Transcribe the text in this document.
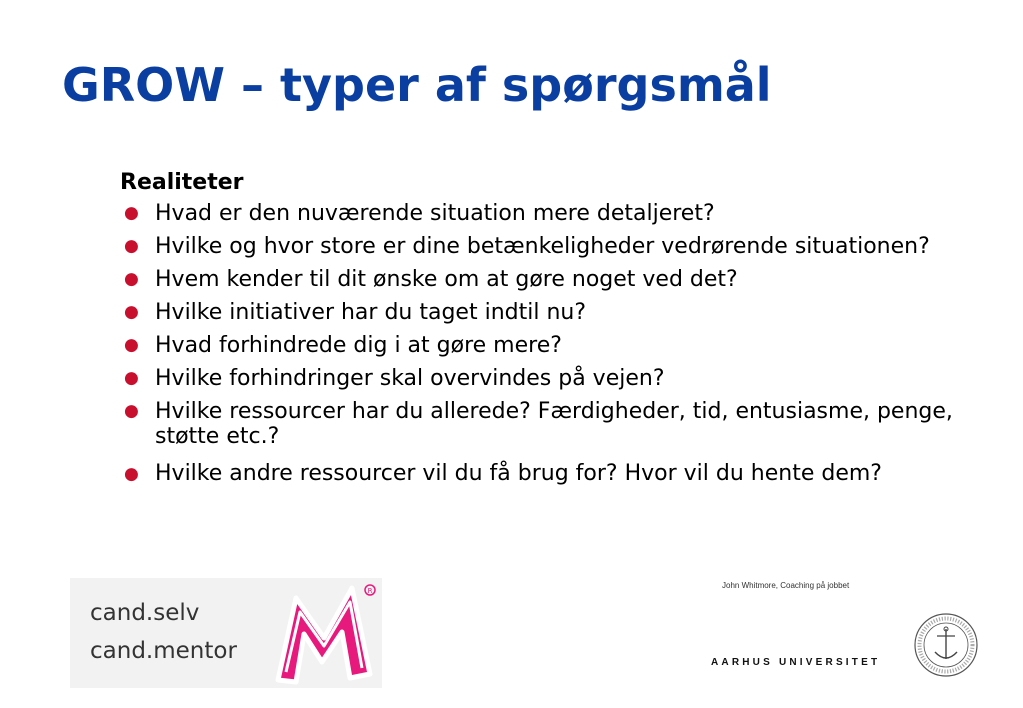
GROW – typer af spørgsmål
Realiteter
● Hvad er den nuværende situation mere detaljeret?
● Hvilke og hvor store er dine betænkeligheder vedrørende situationen?
● Hvem kender til dit ønske om at gøre noget ved det?
● Hvilke initiativer har du taget indtil nu?
● Hvad forhindrede dig i at gøre mere?
● Hvilke forhindringer skal overvindes på vejen?
● Hvilke ressourcer har du allerede? Færdigheder, tid, entusiasme, penge, støtte etc.?
● Hvilke andre ressourcer vil du få brug for? Hvor vil du hente dem?
John Whitmore, Coaching på jobbet
cand.selv
cand.mentor
R
AARHUS UNIVERSITET
